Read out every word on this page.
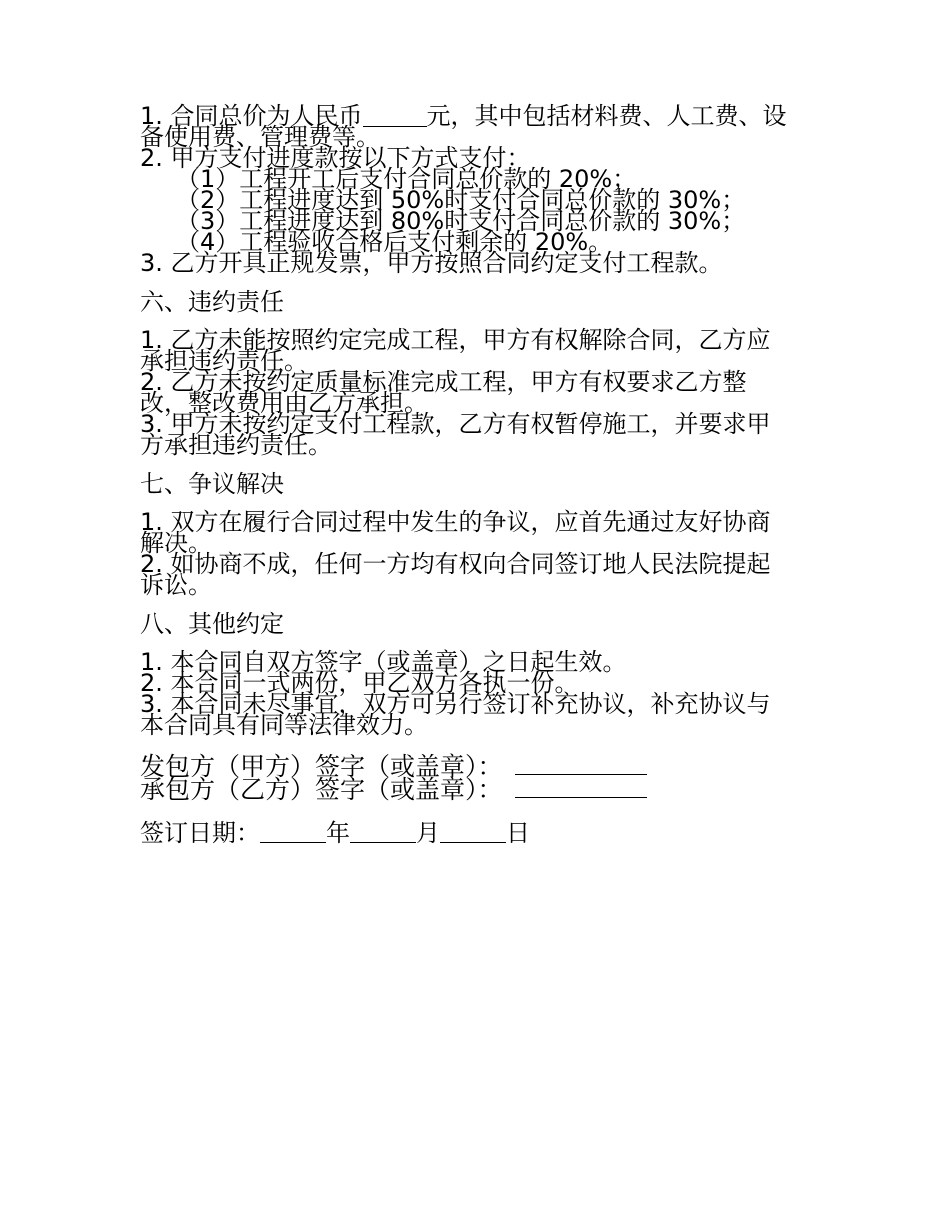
1. 合同总价为人民币	元，其中包括材料费、人工费、设
备使用费、管理费等。
2. 甲方支付进度款按以下方式支付：
（1）工程开工后支付合同总价款的 20%；
（2）工程进度达到 50%时支付合同总价款的 30%；
（3）工程进度达到 80%时支付合同总价款的 30%；
（4）工程验收合格后支付剩余的 20%。
3. 乙方开具正规发票，甲方按照合同约定支付工程款。
六、违约责任
1. 乙方未能按照约定完成工程，甲方有权解除合同，乙方应
承担违约责任。
2. 乙方未按约定质量标准完成工程，甲方有权要求乙方整
改，整改费用由乙方承担。
3. 甲方未按约定支付工程款，乙方有权暂停施工，并要求甲
方承担违约责任。
七、争议解决
1. 双方在履行合同过程中发生的争议，应首先通过友好协商
解决。
2. 如协商不成，任何一方均有权向合同签订地人民法院提起
诉讼。
八、其他约定
1. 本合同自双方签字（或盖章）之日起生效。
2. 本合同一式两份，甲乙双方各执一份。
3. 本合同未尽事宜，双方可另行签订补充协议，补充协议与
本合同具有同等法律效力。
发包方（甲方）签字（或盖章）：
承包方（乙方）签字（或盖章）：
签订日期：	年	月	日
